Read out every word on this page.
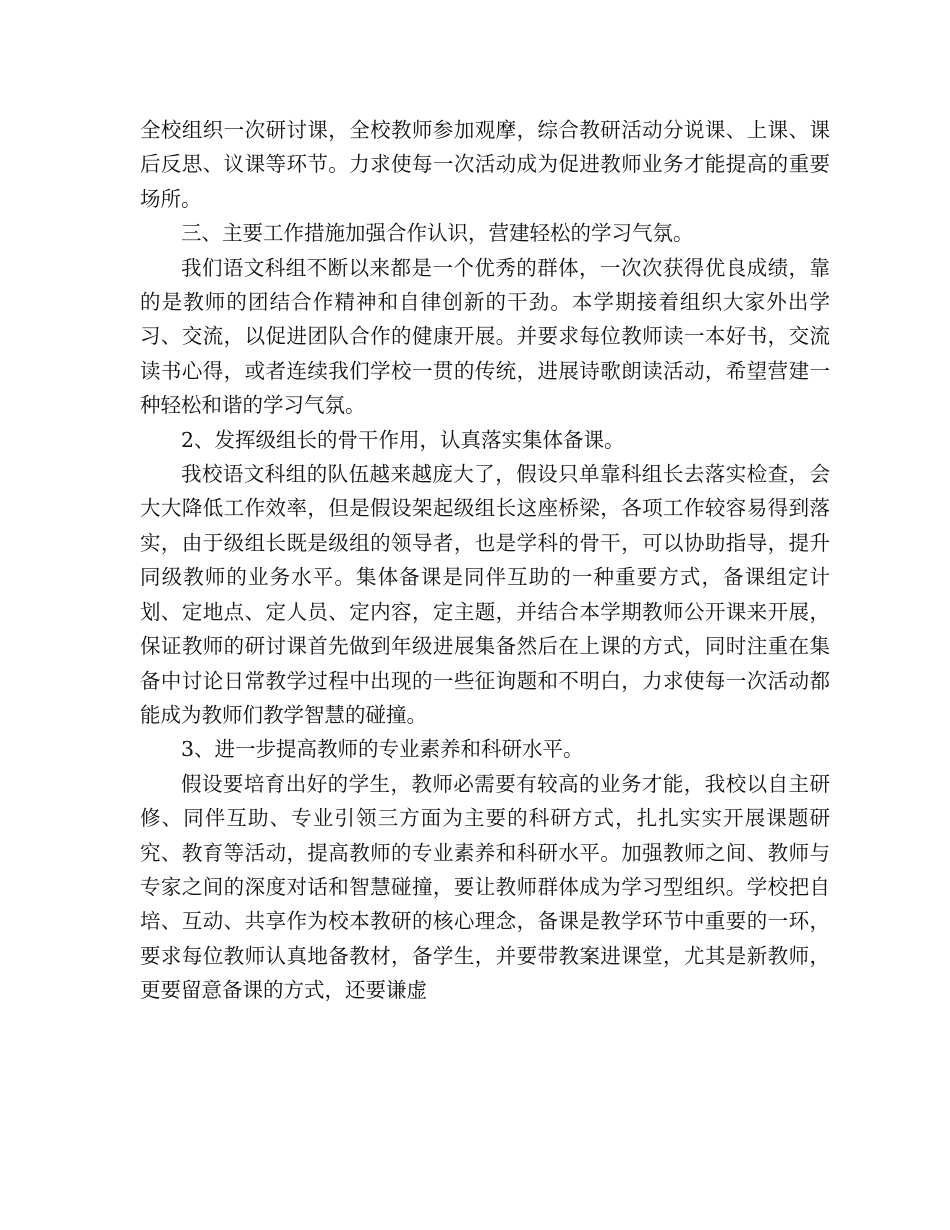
全校组织一次研讨课，全校教师参加观摩，综合教研活动分说课、上课、课后反思、议课等环节。力求使每一次活动成为促进教师业务才能提高的重要场所。

三、主要工作措施加强合作认识，营建轻松的学习气氛。

我们语文科组不断以来都是一个优秀的群体，一次次获得优良成绩，靠的是教师的团结合作精神和自律创新的干劲。本学期接着组织大家外出学习、交流，以促进团队合作的健康开展。并要求每位教师读一本好书，交流读书心得，或者连续我们学校一贯的传统，进展诗歌朗读活动，希望营建一种轻松和谐的学习气氛。

2、发挥级组长的骨干作用，认真落实集体备课。

我校语文科组的队伍越来越庞大了，假设只单靠科组长去落实检查，会大大降低工作效率，但是假设架起级组长这座桥梁，各项工作较容易得到落实，由于级组长既是级组的领导者，也是学科的骨干，可以协助指导，提升同级教师的业务水平。集体备课是同伴互助的一种重要方式，备课组定计划、定地点、定人员、定内容，定主题，并结合本学期教师公开课来开展，保证教师的研讨课首先做到年级进展集备然后在上课的方式，同时注重在集备中讨论日常教学过程中出现的一些征询题和不明白，力求使每一次活动都能成为教师们教学智慧的碰撞。

3、进一步提高教师的专业素养和科研水平。

假设要培育出好的学生，教师必需要有较高的业务才能，我校以自主研修、同伴互助、专业引领三方面为主要的科研方式，扎扎实实开展课题研究、教育等活动，提高教师的专业素养和科研水平。加强教师之间、教师与专家之间的深度对话和智慧碰撞，要让教师群体成为学习型组织。学校把自培、互动、共享作为校本教研的核心理念，备课是教学环节中重要的一环，要求每位教师认真地备教材，备学生，并要带教案进课堂，尤其是新教师，更要留意备课的方式，还要谦虚
